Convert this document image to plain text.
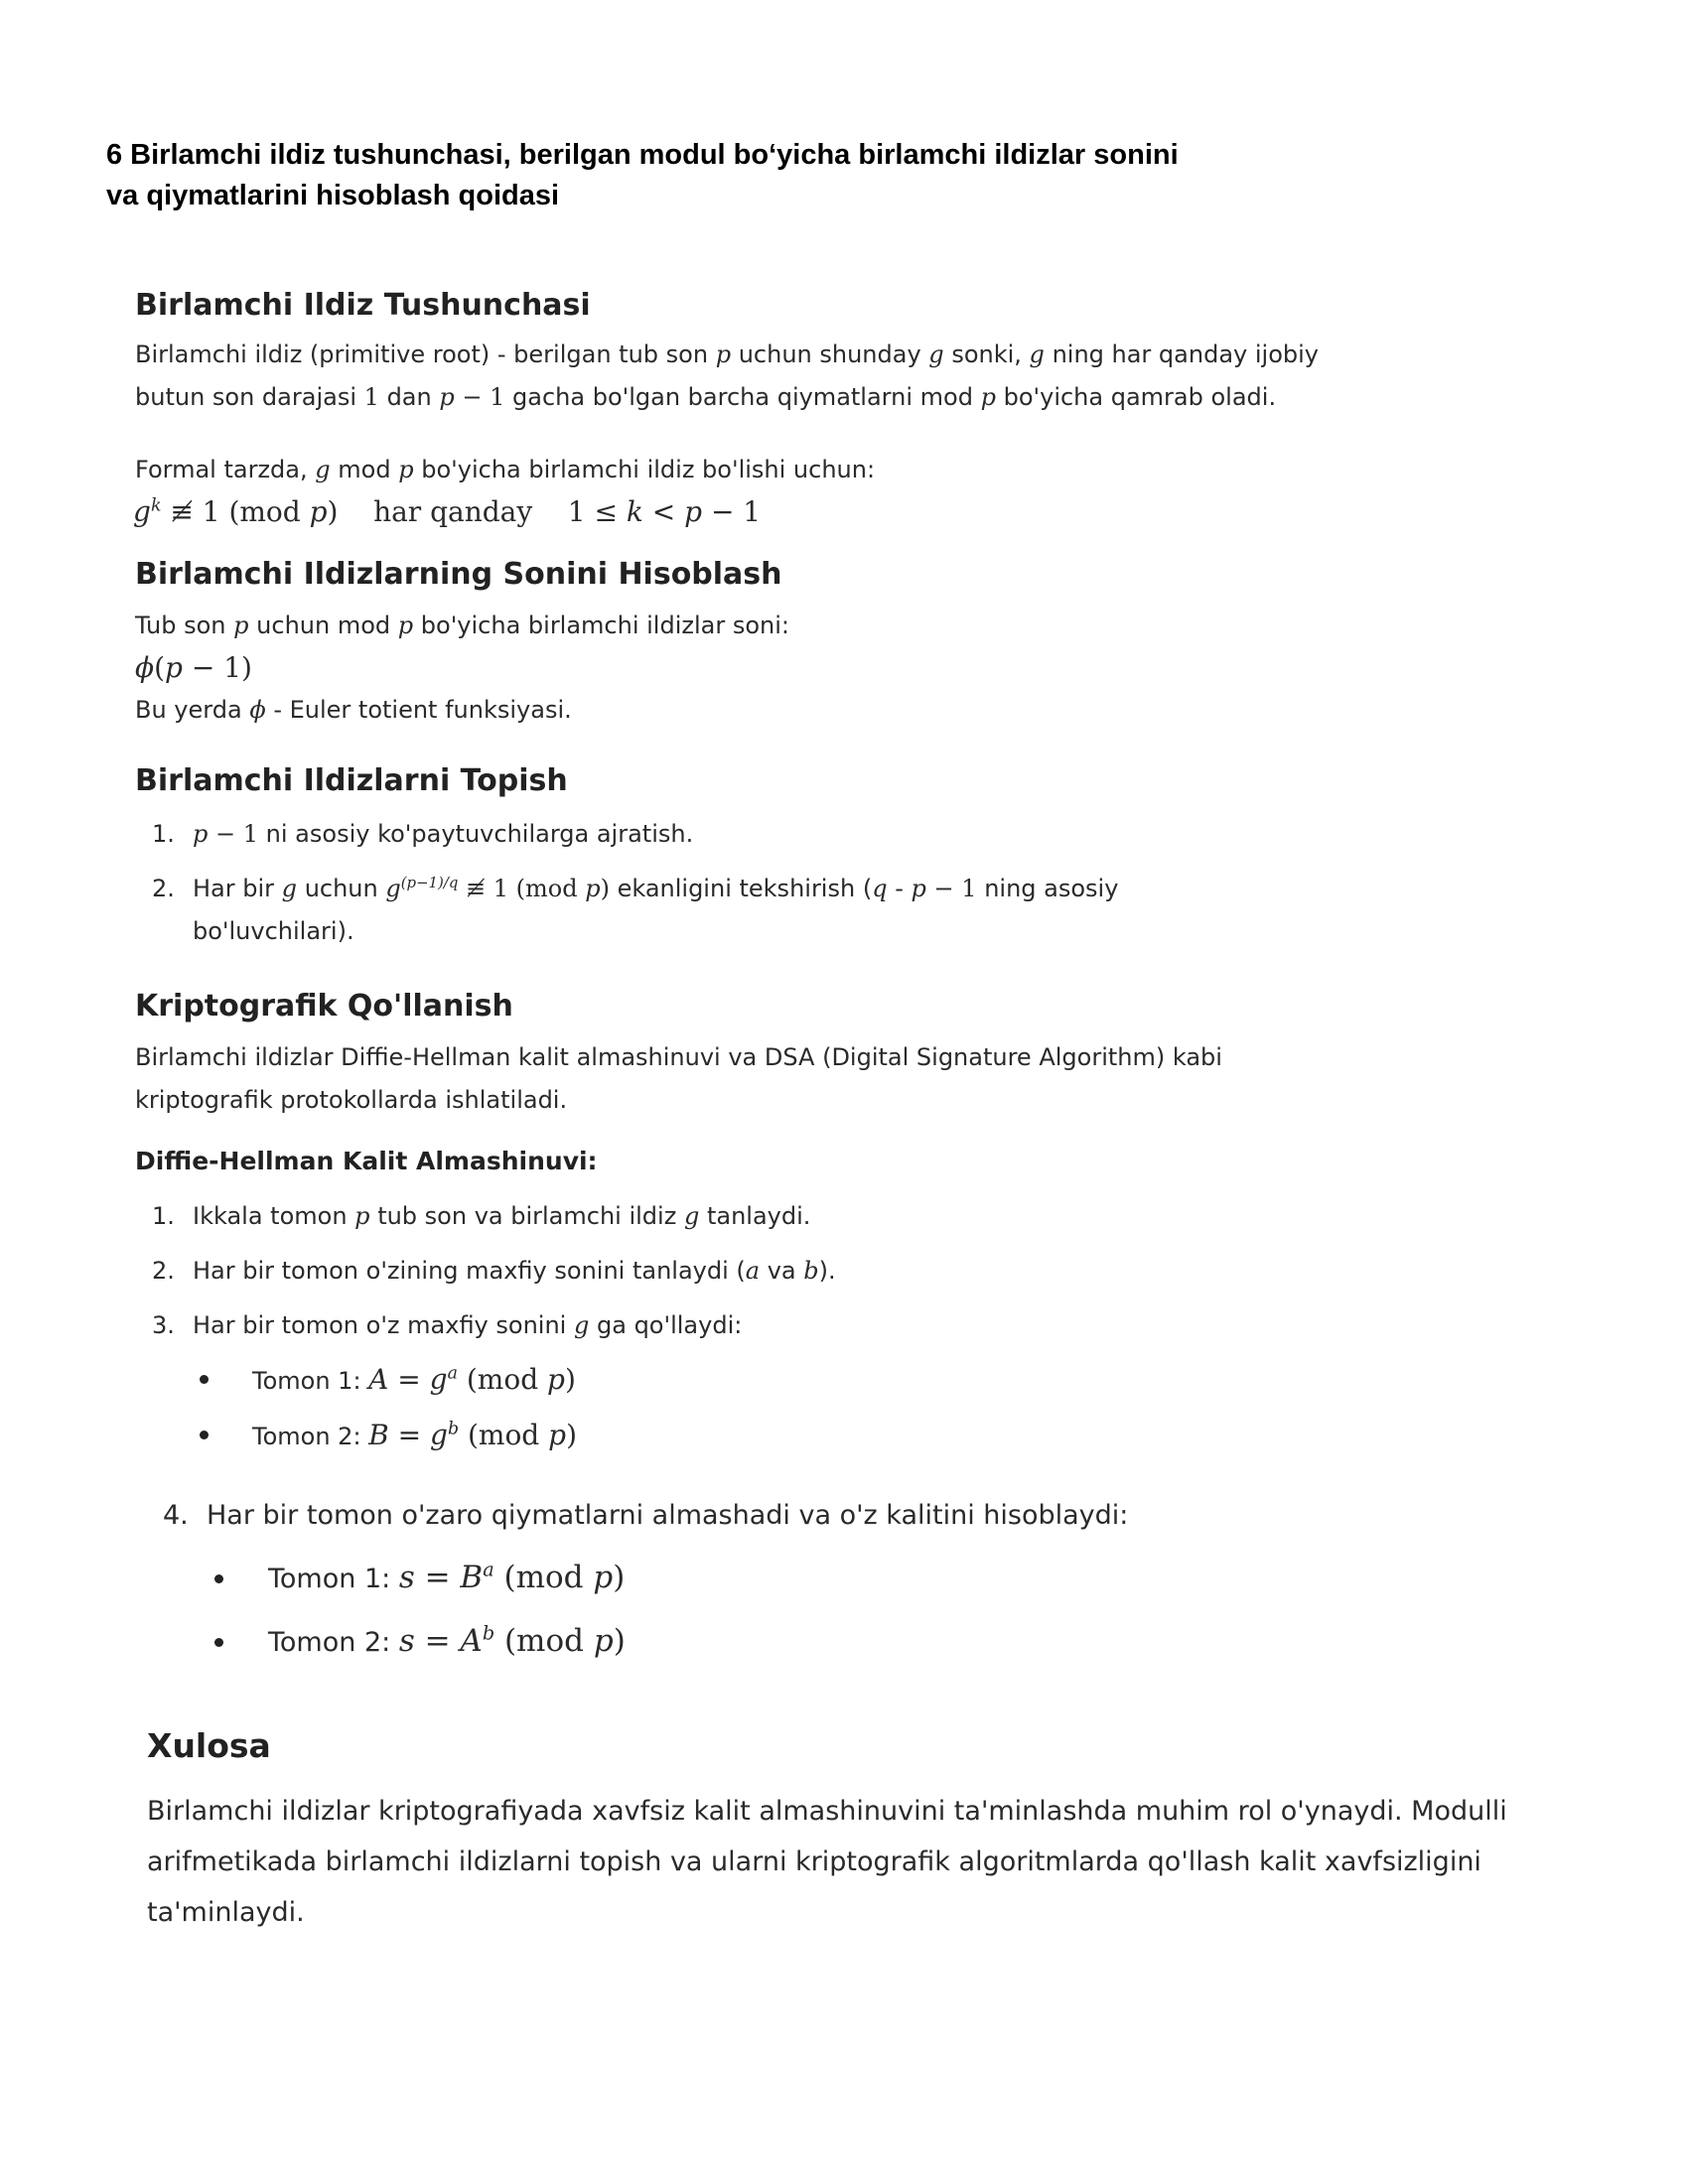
6 Birlamchi ildiz tushunchasi, berilgan modul bo‘yicha birlamchi ildizlar sonini
va qiymatlarini hisoblash qoidasi
Birlamchi Ildiz Tushunchasi

Birlamchi ildiz (primitive root) - berilgan tub son p uchun shunday g sonki, g ning har qanday ijobiy

butun son darajasi 1 dan p − 1 gacha bo'lgan barcha qiymatlarni mod p bo'yicha qamrab oladi.

Formal tarzda, g mod p bo'yicha birlamchi ildiz bo'lishi uchun:

$g^k$ ≢ 1 (mod p)    har qanday    1 ≤ k < p − 1
Birlamchi Ildizlarning Sonini Hisoblash

Tub son p uchun mod p bo'yicha birlamchi ildizlar soni:

ϕ(p − 1)

Bu yerda ϕ - Euler totient funksiyasi.

Birlamchi Ildizlarni Topish
1. p − 1 ni asosiy ko'paytuvchilarga ajratish.
2. Har bir g uchun $g^{(p-1)/q}$ ≢ 1 (mod p) ekanligini tekshirish (q - p − 1 ning asosiy
bo'luvchilari).
Kriptografik Qo'llanish

Birlamchi ildizlar Diffie-Hellman kalit almashinuvi va DSA (Digital Signature Algorithm) kabi

kriptografik protokollarda ishlatiladi.

Diffie-Hellman Kalit Almashinuvi:
1. Ikkala tomon p tub son va birlamchi ildiz g tanlaydi.
2. Har bir tomon o'zining maxfiy sonini tanlaydi (a va b).
3. Har bir tomon o'z maxfiy sonini g ga qo'llaydi:
Tomon 1: $A = g^a$ (mod p)
Tomon 2: $B = g^b$ (mod p)
4. Har bir tomon o'zaro qiymatlarni almashadi va o'z kalitini hisoblaydi:
Tomon 1: $s = B^a$ (mod p)
Tomon 2: $s = A^b$ (mod p)
Xulosa

Birlamchi ildizlar kriptografiyada xavfsiz kalit almashinuvini ta'minlashda muhim rol o'ynaydi. Modulli

arifmetikada birlamchi ildizlarni topish va ularni kriptografik algoritmlarda qo'llash kalit xavfsizligini

ta'minlaydi.
